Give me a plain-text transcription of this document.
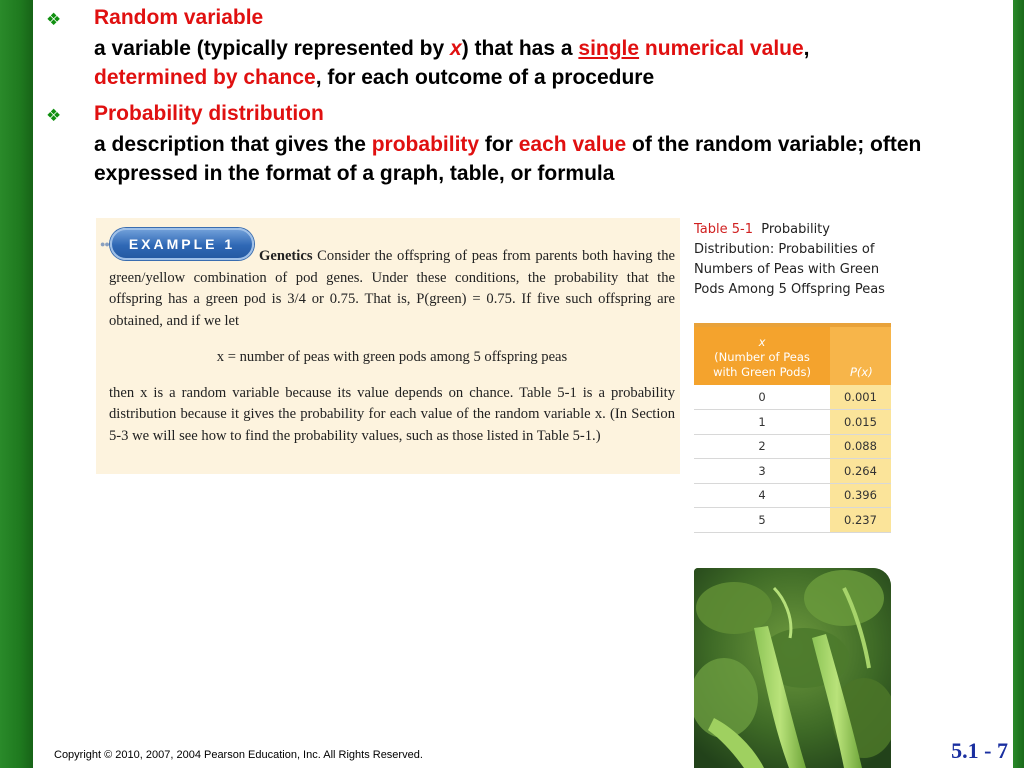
❖ Random variable
a variable (typically represented by x) that has a single numerical value,
determined by chance, for each outcome of a procedure
❖ Probability distribution
a description that gives the probability for each value of the random variable; often expressed in the format of a graph, table, or formula
●●	EXAMPLE 1
Genetics Consider the offspring of peas from parents both having the green/yellow combination of pod genes. Under these conditions, the probability that the offspring has a green pod is 3/4 or 0.75. That is, P(green) = 0.75. If five such offspring are obtained, and if we let
x = number of peas with green pods among 5 offspring peas
then x is a random variable because its value depends on chance. Table 5-1 is a probability distribution because it gives the probability for each value of the random variable x. (In Section 5-3 we will see how to find the probability values, such as those listed in Table 5-1.)
Table 5-1 Probability Distribution: Probabilities of Numbers of Peas with Green Pods Among 5 Offspring Peas

x
(Number of Peas
with Green Pods)	P(x)
0	0.001
1	0.015
2	0.088
3	0.264
4	0.396
5	0.237
Copyright © 2010, 2007, 2004 Pearson Education, Inc. All Rights Reserved.	5.1 - 7
